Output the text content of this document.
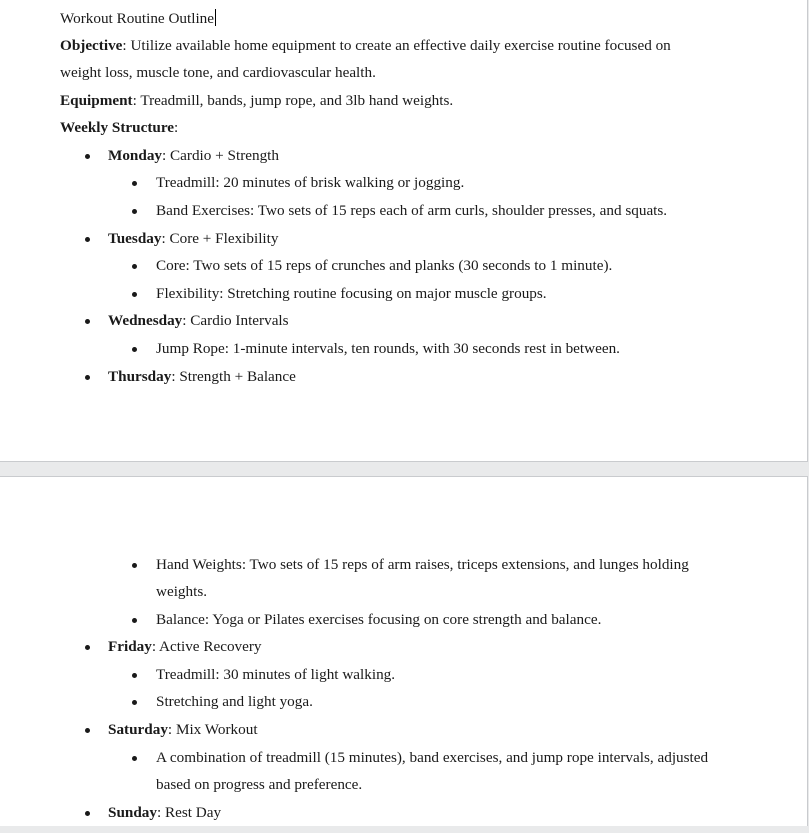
Workout Routine Outline
Objective: Utilize available home equipment to create an effective daily exercise routine focused on
weight loss, muscle tone, and cardiovascular health.
Equipment: Treadmill, bands, jump rope, and 3lb hand weights.
Weekly Structure:
Monday: Cardio + Strength
Treadmill: 20 minutes of brisk walking or jogging.
Band Exercises: Two sets of 15 reps each of arm curls, shoulder presses, and squats.
Tuesday: Core + Flexibility
Core: Two sets of 15 reps of crunches and planks (30 seconds to 1 minute).
Flexibility: Stretching routine focusing on major muscle groups.
Wednesday: Cardio Intervals
Jump Rope: 1-minute intervals, ten rounds, with 30 seconds rest in between.
Thursday: Strength + Balance
Hand Weights: Two sets of 15 reps of arm raises, triceps extensions, and lunges holding
weights.
Balance: Yoga or Pilates exercises focusing on core strength and balance.
Friday: Active Recovery
Treadmill: 30 minutes of light walking.
Stretching and light yoga.
Saturday: Mix Workout
A combination of treadmill (15 minutes), band exercises, and jump rope intervals, adjusted
based on progress and preference.
Sunday: Rest Day
